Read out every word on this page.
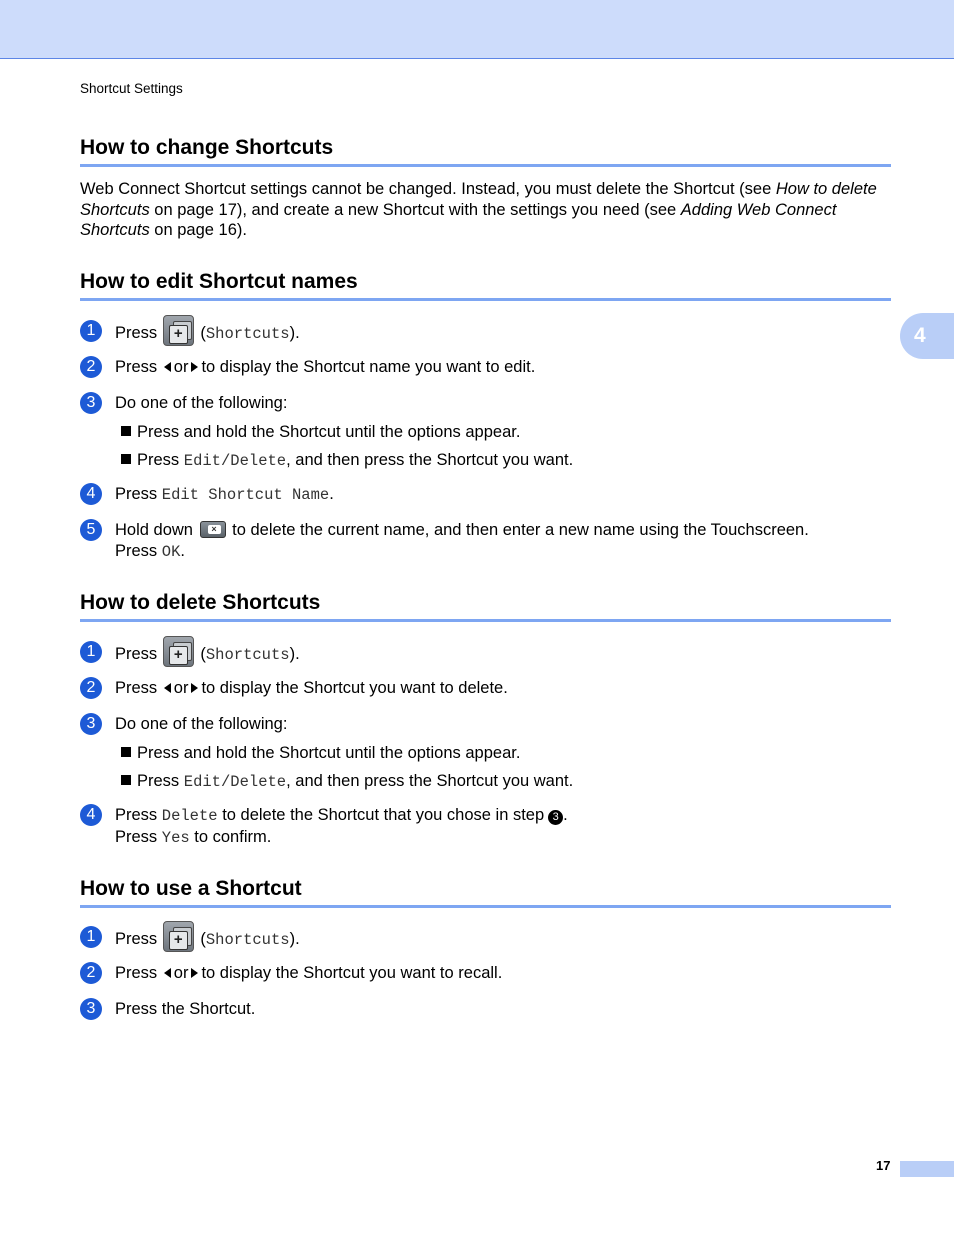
Shortcut Settings
4
How to change Shortcuts

Web Connect Shortcut settings cannot be changed. Instead, you must delete the Shortcut (see How to delete Shortcuts on page 17), and create a new Shortcut with the settings you need (see Adding Web Connect Shortcuts on page 16).

How to edit Shortcut names
1	Press	+ (Shortcuts).
2	Press or to display the Shortcut name you want to edit.
3	Do one of the following:
Press and hold the Shortcut until the options appear.
Press Edit/Delete, and then press the Shortcut you want.
4	Press Edit Shortcut Name.
5	Hold down	× to delete the current name, and then enter a new name using the Touchscreen.
Press OK.
How to delete Shortcuts
1	Press	+ (Shortcuts).
2	Press or to display the Shortcut you want to delete.
3	Do one of the following:
Press and hold the Shortcut until the options appear.
Press Edit/Delete, and then press the Shortcut you want.
4	Press Delete to delete the Shortcut that you chose in step 3 .
Press Yes to confirm.
How to use a Shortcut
1	Press	+ (Shortcuts).
2	Press or to display the Shortcut you want to recall.
3	Press the Shortcut.
17
